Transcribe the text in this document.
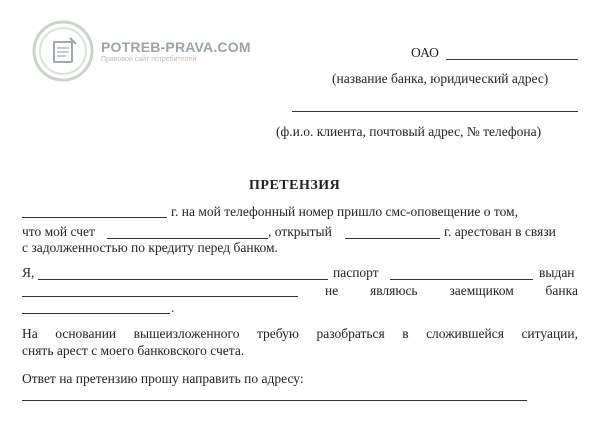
POTREB-PRAVA.COM
Правовой сайт потребителей	ОАО
(название банка, юридический адрес)
(ф.и.о. клиента, почтовый адрес, № телефона)
ПРЕТЕНЗИЯ
г. на мой телефонный номер пришло смс-оповещение о том,
что мой счет	, открытый	г. арестован в связи
с задолженностью по кредиту перед банком.
Я,	паспорт	выдан
не являюсь заемщиком банка
.
На основании вышеизложенного требую разобраться в сложившейся ситуации,
снять арест с моего банковского счета.
Ответ на претензию прошу направить по адресу:
